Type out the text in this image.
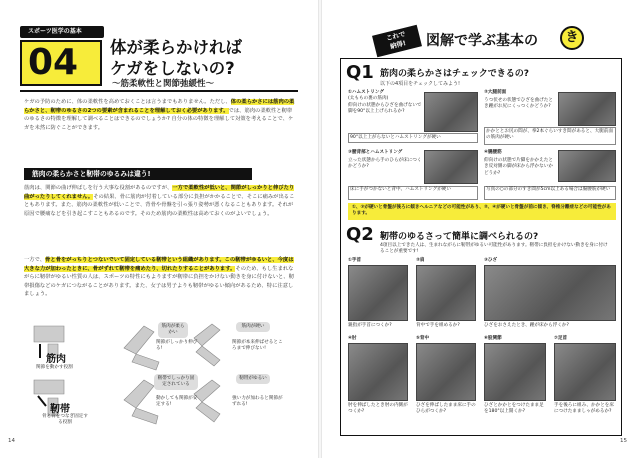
スポーツ医学の基本
04 体が柔らかければ
ケガをしないの?
〜筋柔軟性と関節弛緩性〜
ケガの予防のために、体の柔軟性を高めておくことは言うまでもありません。ただし、体の柔らかさには筋肉の柔らかさと、靭帯のゆるさの2つの要素が含まれることを理解しておく必要があります。では、筋肉の柔軟性と靭帯のゆるさの特徴を理解して調べることはできるのでしょうか? 自分の体の特徴を理解して対策を考えることで、ケガを未然に防ぐことができます。
筋肉の柔らかさと靭帯のゆるみは違う!
筋肉は、関節の曲げ伸ばしを行う大事な役割があるのですが、一方で柔軟性が低いと、関節がしっかりと伸びたり曲がったりしてくれません。その結果、骨に筋肉が付着している部分に負担がかかることで、そこに痛みが出ることもあります。また、筋肉の柔軟性が低いことで、背骨や骨盤を引っ張り姿勢が悪くなることもあります。それが原因で腰痛などを引き起こすこともあるのです。そのため筋肉の柔軟性は高めておくのがよいでしょう。
一方で、骨と骨をがっちりとつないでいて固定している靭帯という組織があります。この靭帯がゆるいと、今度は大きな力が加わったときに、骨がずれて靭帯を痛めたり、切れたりすることがあります。そのため、もし生まれながらに靭帯がゆるい性質の人は、スポーツの特性にもよりますが靭帯に負担をかけない動きを身に付けないと、靭帯損傷などのケガにつながることがあります。また、女子は男子よりも靭帯がゆるい傾向があるため、特に注意しましょう。
筋肉
関節を動かす役割
靭帯
骨と骨をつなぎ固定する役割
筋肉が柔らかい
関節がしっかり伸びる!
筋肉が硬い
関節が本来伸ばせるところまで伸びない!
靭帯でしっかり固定されている
動かしても関節が安定する!
靭帯がゆるい
強い力が加わると関節がずれる!
14
これで
納得!	図解で学ぶ基本の	き
Q1 筋肉の柔らかさはチェックできるの?
以下の4項目をチェックしてみよう!
①ハムストリング
(太ももの裏の筋肉)
仰向けの状態からひざを曲げないで脚を90°以上上げられるか?
90°以上上がらないとハムストリングが硬い
②大腿前面
うつ伏せの状態でひざを曲げたとき踵がお尻にくっつくかどうか?
かかととお尻の間が、拳2本ぐらいすき間があると、大腿前面の筋肉が硬い
③腰背部とハムストリング
立った状態から手のひらが床につくかどうか?
床に手がつかないと背中、ハムストリングが硬い
④腸腰筋
仰向けの状態で片脚をかかえたとき反対側の脚が床から浮かないかどうか?
写真の○の部分のすき間が5cm以上ある場合は腸腰筋が硬い
①、③が硬いと骨盤が後ろに傾きヘルニアなどの可能性があり、②、④が硬いと骨盤が前に傾き、脊椎分離症などの可能性があります。
Q2 靭帯のゆるさって簡単に調べられるの?
4項目以上できた人は、生まれながらに靭帯がゆるい可能性があります。靭帯に負担をかけない動きを身に付けることが重要です!
①手首
親指が手首につくか?
②肩
背中で手を組めるか?
③ひざ
ひざをおさえたとき、踵が床から浮くか?
④肘
肘を伸ばしたとき肘の内側がつくか?
⑤背中
ひざを伸ばしたまま床に手のひらがつくか?
⑥股関節
ひざとかかとをつけたまま足を180°以上開くか?
⑦足首
手を後ろに組み、かかとを床につけたまましゃがめるか?
15
